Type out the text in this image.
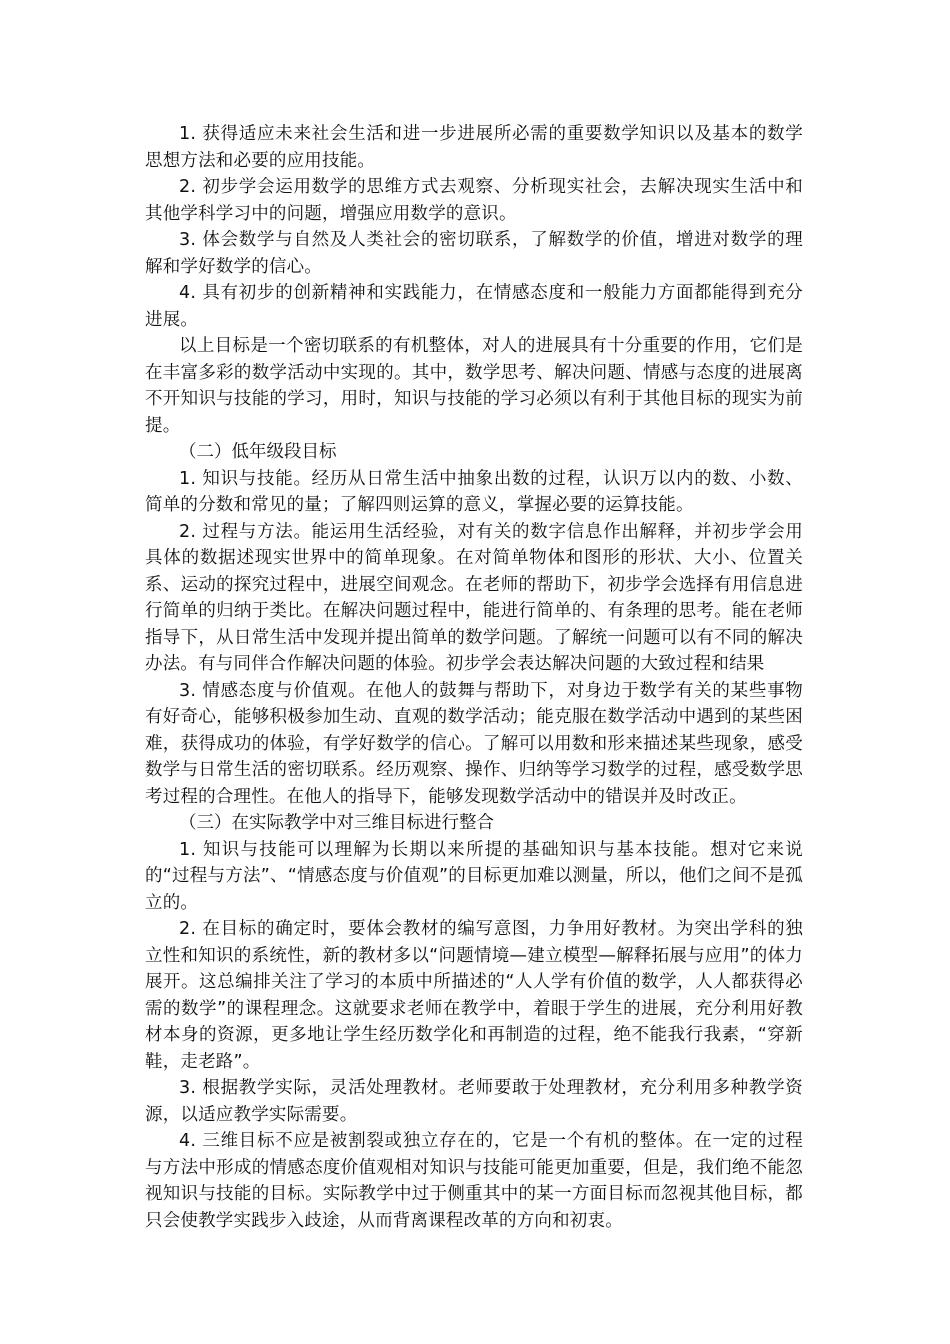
1. 获得适应未来社会生活和进一步进展所必需的重要数学知识以及基本的数学思想方法和必要的应用技能。

2. 初步学会运用数学的思维方式去观察、分析现实社会，去解决现实生活中和其他学科学习中的问题，增强应用数学的意识。

3. 体会数学与自然及人类社会的密切联系，了解数学的价值，增进对数学的理解和学好数学的信心。

4. 具有初步的创新精神和实践能力，在情感态度和一般能力方面都能得到充分进展。

以上目标是一个密切联系的有机整体，对人的进展具有十分重要的作用，它们是在丰富多彩的数学活动中实现的。其中，数学思考、解决问题、情感与态度的进展离不开知识与技能的学习，用时，知识与技能的学习必须以有利于其他目标的现实为前提。

（二）低年级段目标

1. 知识与技能。经历从日常生活中抽象出数的过程，认识万以内的数、小数、简单的分数和常见的量；了解四则运算的意义，掌握必要的运算技能。

2. 过程与方法。能运用生活经验，对有关的数字信息作出解释，并初步学会用具体的数据述现实世界中的简单现象。在对简单物体和图形的形状、大小、位置关系、运动的探究过程中，进展空间观念。在老师的帮助下，初步学会选择有用信息进行简单的归纳于类比。在解决问题过程中，能进行简单的、有条理的思考。能在老师指导下，从日常生活中发现并提出简单的数学问题。了解统一问题可以有不同的解决办法。有与同伴合作解决问题的体验。初步学会表达解决问题的大致过程和结果

3. 情感态度与价值观。在他人的鼓舞与帮助下，对身边于数学有关的某些事物有好奇心，能够积极参加生动、直观的数学活动；能克服在数学活动中遇到的某些困难，获得成功的体验，有学好数学的信心。了解可以用数和形来描述某些现象，感受数学与日常生活的密切联系。经历观察、操作、归纳等学习数学的过程，感受数学思考过程的合理性。在他人的指导下，能够发现数学活动中的错误并及时改正。

（三）在实际教学中对三维目标进行整合

1. 知识与技能可以理解为长期以来所提的基础知识与基本技能。想对它来说的“过程与方法”、“情感态度与价值观”的目标更加难以测量，所以，他们之间不是孤立的。

2. 在目标的确定时，要体会教材的编写意图，力争用好教材。为突出学科的独立性和知识的系统性，新的教材多以“问题情境—建立模型—解释拓展与应用”的体力展开。这总编排关注了学习的本质中所描述的“人人学有价值的数学，人人都获得必需的数学”的课程理念。这就要求老师在教学中，着眼于学生的进展，充分利用好教材本身的资源，更多地让学生经历数学化和再制造的过程，绝不能我行我素，“穿新鞋，走老路”。

3. 根据教学实际，灵活处理教材。老师要敢于处理教材，充分利用多种教学资源，以适应教学实际需要。

4. 三维目标不应是被割裂或独立存在的，它是一个有机的整体。在一定的过程与方法中形成的情感态度价值观相对知识与技能可能更加重要，但是，我们绝不能忽视知识与技能的目标。实际教学中过于侧重其中的某一方面目标而忽视其他目标，都只会使教学实践步入歧途，从而背离课程改革的方向和初衷。
